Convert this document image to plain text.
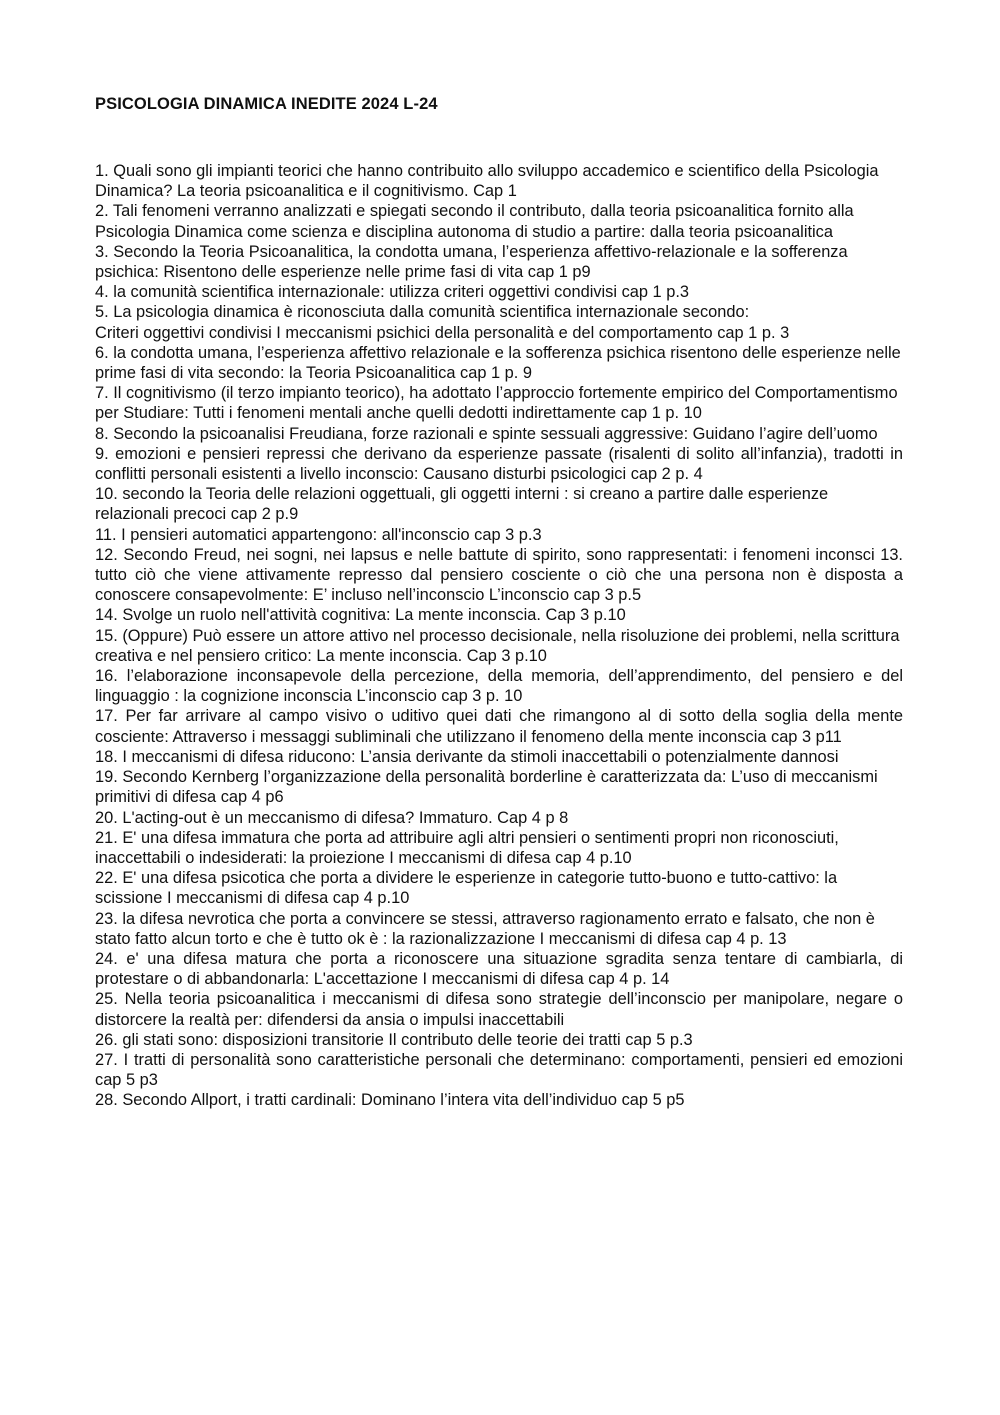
PSICOLOGIA DINAMICA INEDITE 2024 L-24

1. Quali sono gli impianti teorici che hanno contribuito allo sviluppo accademico e scientifico della Psicologia Dinamica? La teoria psicoanalitica e il cognitivismo. Cap 1

2. Tali fenomeni verranno analizzati e spiegati secondo il contributo, dalla teoria psicoanalitica fornito alla Psicologia Dinamica come scienza e disciplina autonoma di studio a partire: dalla teoria psicoanalitica

3. Secondo la Teoria Psicoanalitica, la condotta umana, l’esperienza affettivo-relazionale e la sofferenza psichica: Risentono delle esperienze nelle prime fasi di vita cap 1 p9

4. la comunità scientifica internazionale: utilizza criteri oggettivi condivisi cap 1 p.3

5. La psicologia dinamica è riconosciuta dalla comunità scientifica internazionale secondo:

Criteri oggettivi condivisi I meccanismi psichici della personalità e del comportamento cap 1 p. 3

6. la condotta umana, l’esperienza affettivo relazionale e la sofferenza psichica risentono delle esperienze nelle prime fasi di vita secondo: la Teoria Psicoanalitica cap 1 p. 9

7. Il cognitivismo (il terzo impianto teorico), ha adottato l’approccio fortemente empirico del Comportamentismo per Studiare: Tutti i fenomeni mentali anche quelli dedotti indirettamente cap 1 p. 10

8. Secondo la psicoanalisi Freudiana, forze razionali e spinte sessuali aggressive: Guidano l’agire dell’uomo

9. emozioni e pensieri repressi che derivano da esperienze passate (risalenti di solito all’infanzia), tradotti in conflitti personali esistenti a livello inconscio: Causano disturbi psicologici cap 2 p. 4

10. secondo la Teoria delle relazioni oggettuali, gli oggetti interni : si creano a partire dalle esperienze relazionali precoci cap 2 p.9

11. I pensieri automatici appartengono: all'inconscio cap 3 p.3

12. Secondo Freud, nei sogni, nei lapsus e nelle battute di spirito, sono rappresentati: i fenomeni inconsci 13. tutto ciò che viene attivamente represso dal pensiero cosciente o ciò che una persona non è disposta a conoscere consapevolmente: E’ incluso nell’inconscio L’inconscio cap 3 p.5

14. Svolge un ruolo nell'attività cognitiva: La mente inconscia. Cap 3 p.10

15. (Oppure) Può essere un attore attivo nel processo decisionale, nella risoluzione dei problemi, nella scrittura creativa e nel pensiero critico: La mente inconscia. Cap 3 p.10

16. l’elaborazione inconsapevole della percezione, della memoria, dell’apprendimento, del pensiero e del linguaggio : la cognizione inconscia L’inconscio cap 3 p. 10

17. Per far arrivare al campo visivo o uditivo quei dati che rimangono al di sotto della soglia della mente cosciente: Attraverso i messaggi subliminali che utilizzano il fenomeno della mente inconscia cap 3 p11

18. I meccanismi di difesa riducono: L’ansia derivante da stimoli inaccettabili o potenzialmente dannosi

19. Secondo Kernberg l’organizzazione della personalità borderline è caratterizzata da: L’uso di meccanismi primitivi di difesa cap 4 p6

20. L'acting-out è un meccanismo di difesa? Immaturo. Cap 4 p 8

21. E' una difesa immatura che porta ad attribuire agli altri pensieri o sentimenti propri non riconosciuti, inaccettabili o indesiderati: la proiezione I meccanismi di difesa cap 4 p.10

22. E' una difesa psicotica che porta a dividere le esperienze in categorie tutto-buono e tutto-cattivo: la scissione I meccanismi di difesa cap 4 p.10

23. la difesa nevrotica che porta a convincere se stessi, attraverso ragionamento errato e falsato, che non è stato fatto alcun torto e che è tutto ok è : la razionalizzazione I meccanismi di difesa cap 4 p. 13

24. e' una difesa matura che porta a riconoscere una situazione sgradita senza tentare di cambiarla, di protestare o di abbandonarla: L'accettazione I meccanismi di difesa cap 4 p. 14

25. Nella teoria psicoanalitica i meccanismi di difesa sono strategie dell’inconscio per manipolare, negare o distorcere la realtà per: difendersi da ansia o impulsi inaccettabili

26. gli stati sono: disposizioni transitorie Il contributo delle teorie dei tratti cap 5 p.3

27. I tratti di personalità sono caratteristiche personali che determinano: comportamenti, pensieri ed emozioni cap 5 p3

28. Secondo Allport, i tratti cardinali: Dominano l’intera vita dell’individuo cap 5 p5
